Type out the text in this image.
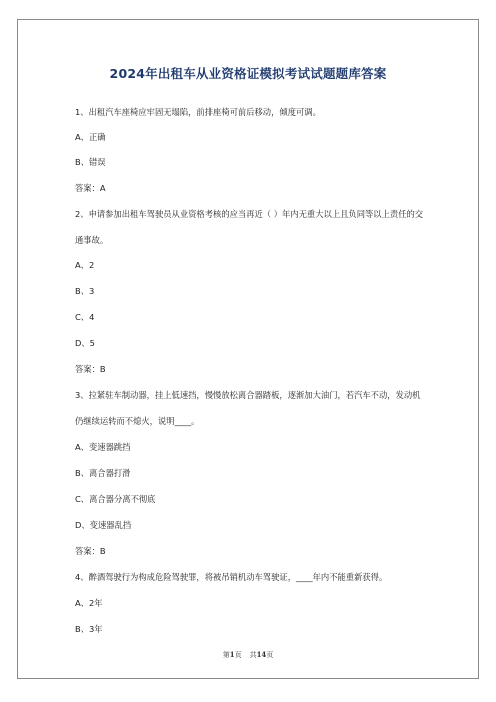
2024年出租车从业资格证模拟考试试题题库答案
1、出租汽车座椅应牢固无塌陷，前排座椅可前后移动，倾度可调。
A、正确
B、错误
答案：A
2、申请参加出租车驾驶员从业资格考核的应当再近（ ）年内无重大以上且负同等以上责任的交
通事故。
A、2
B、3
C、4
D、5
答案：B
3、拉紧驻车制动器，挂上低速挡，慢慢放松离合器踏板，逐渐加大油门，若汽车不动，发动机
仍继续运转而不熄火，说明____。
A、变速器跳挡
B、离合器打滑
C、离合器分离不彻底
D、变速器乱挡
答案：B
4、醉酒驾驶行为构成危险驾驶罪，将被吊销机动车驾驶证，____年内不能重新获得。
A、2年
B、3年
第1页 共14页
